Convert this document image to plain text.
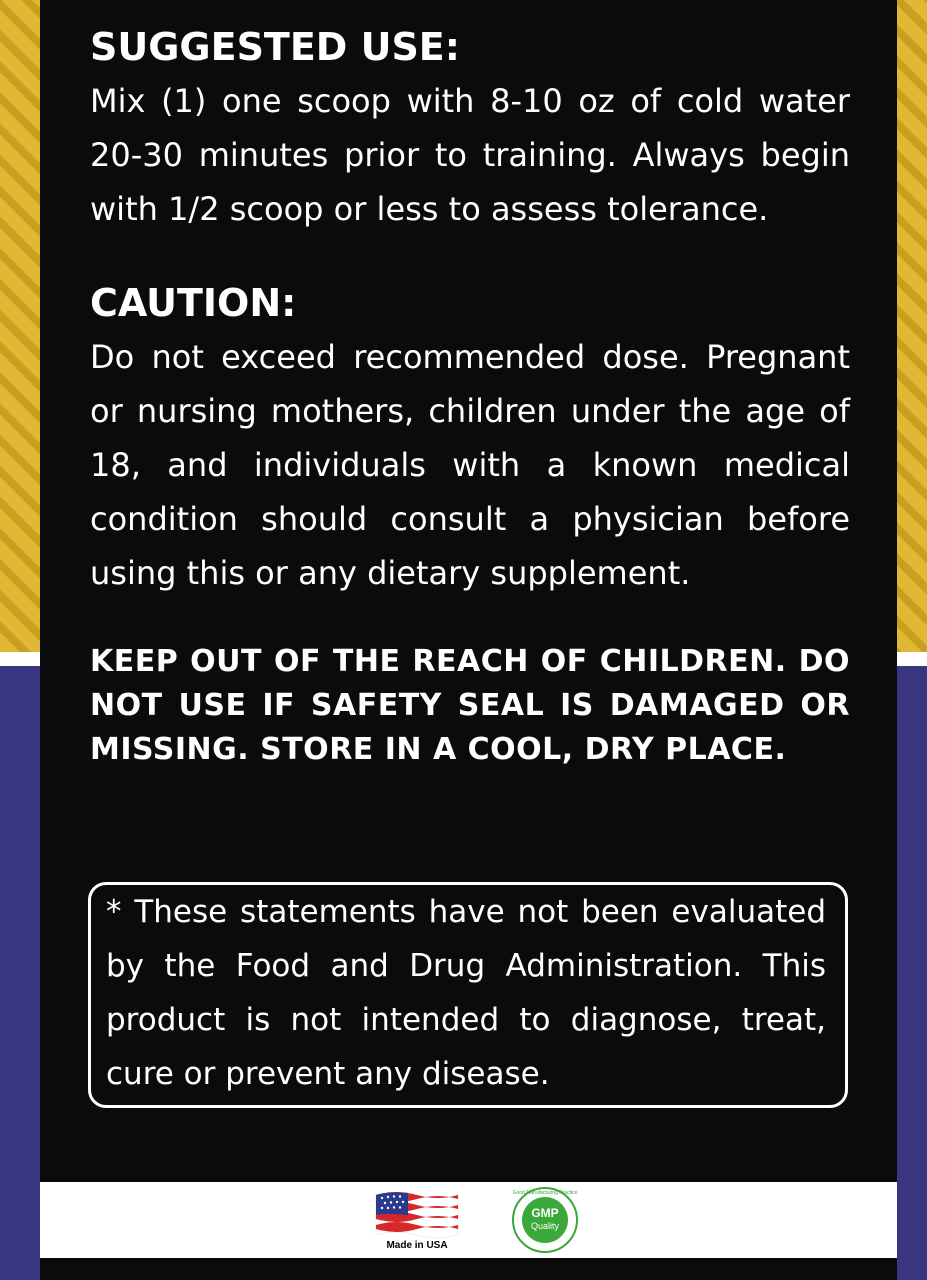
SUGGESTED USE:

Mix (1) one scoop with 8-10 oz of cold water 20-30 minutes prior to training. Always begin with 1/2 scoop or less to assess tolerance.

CAUTION:

Do not exceed recommended dose. Pregnant or nursing mothers, children under the age of 18, and individuals with a known medical condition should consult a physician before using this or any dietary supplement.

KEEP OUT OF THE REACH OF CHILDREN. DO NOT USE IF SAFETY SEAL IS DAMAGED OR MISSING. STORE IN A COOL, DRY PLACE.

* These statements have not been evaluated by the Food and Drug Administration. This product is not intended to diagnose, treat, cure or prevent any disease.

Made in USA
Good Manufacturing Practice
GMP
Quality
